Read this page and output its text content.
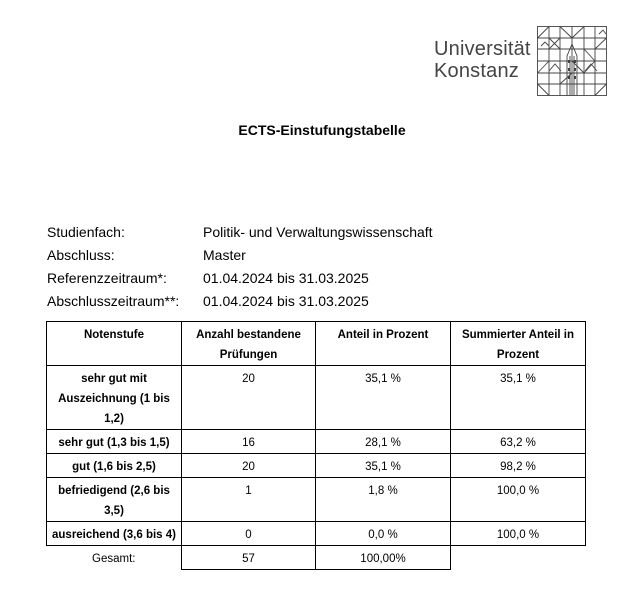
Universität
Konstanz
ECTS-Einstufungstabelle
Studienfach:	Politik- und Verwaltungswissenschaft
Abschluss:	Master
Referenzzeitraum*:	01.04.2024 bis 31.03.2025
Abschlusszeitraum**:	01.04.2024 bis 31.03.2025
Notenstufe	Anzahl bestandene Prüfungen	Anteil in Prozent	Summierter Anteil in Prozent
sehr gut mit Auszeichnung (1 bis 1,2)	20	35,1 %	35,1 %
sehr gut (1,3 bis 1,5)	16	28,1 %	63,2 %
gut (1,6 bis 2,5)	20	35,1 %	98,2 %
befriedigend (2,6 bis 3,5)	1	1,8 %	100,0 %
ausreichend (3,6 bis 4)	0	0,0 %	100,0 %
Gesamt:	57	100,00%	
